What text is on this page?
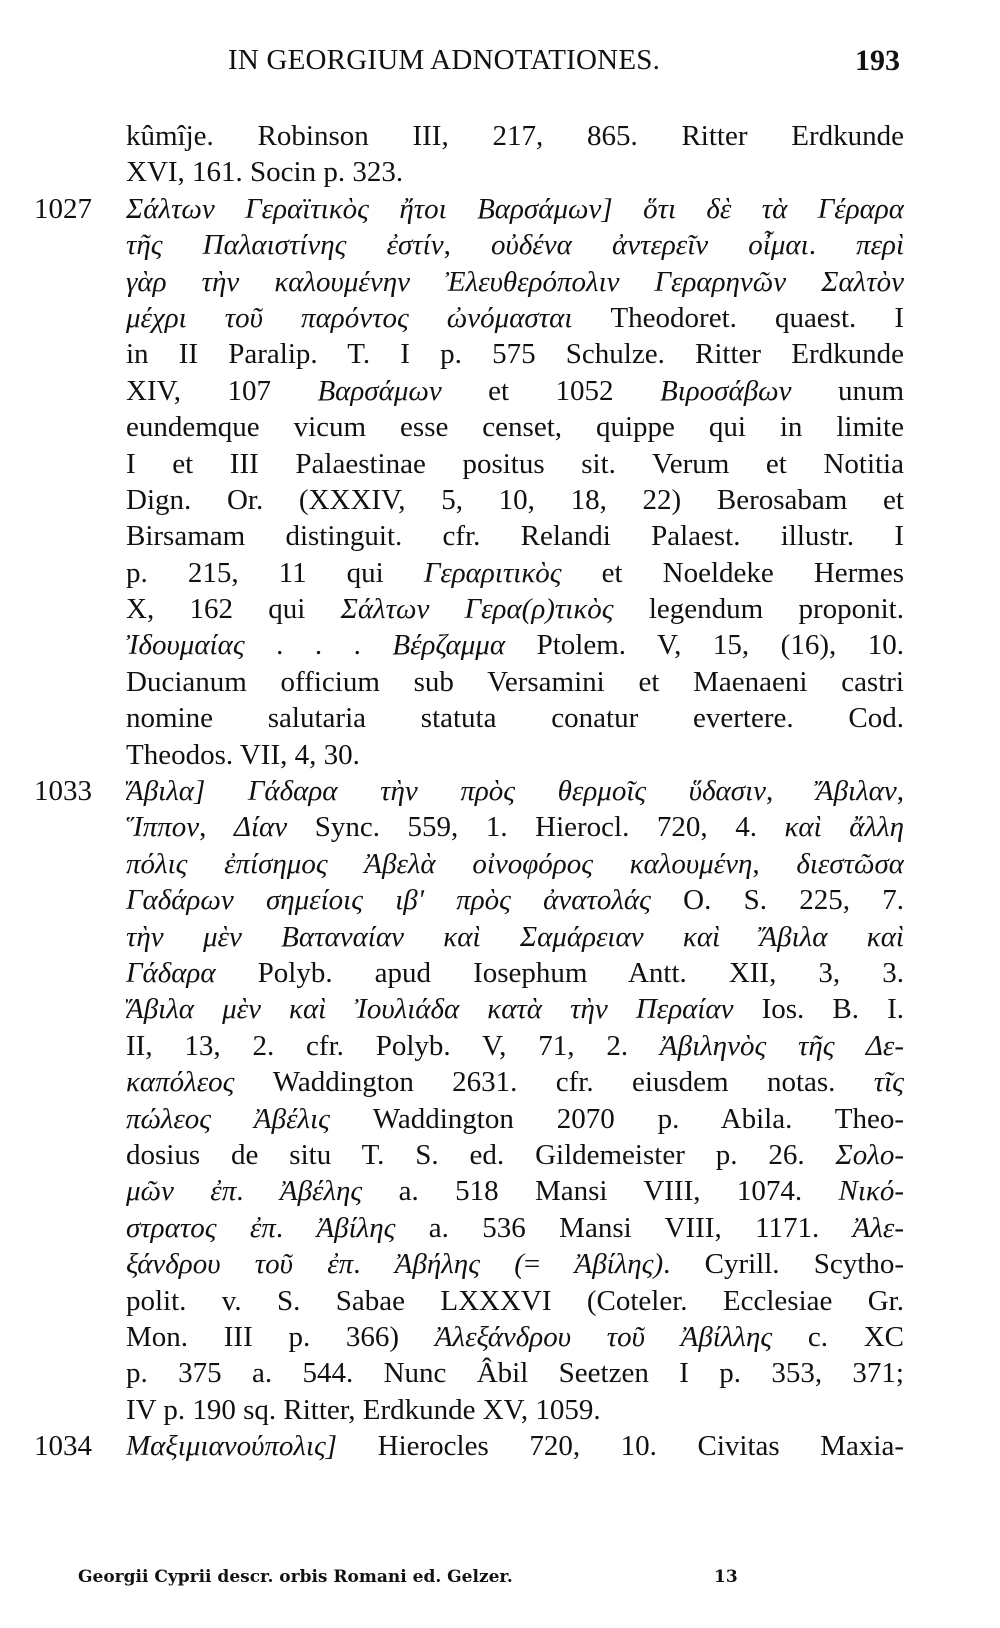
IN GEORGIUM ADNOTATIONES.	193
kûmîje. Robinson III, 217, 865. Ritter Erdkunde
XVI, 161. Socin p. 323.
1027 Σάλτων Γεραϊτικὸς ἤτοι Βαρσάμων] ὅτι δὲ τὰ Γέραρα
τῆς Παλαιστίνης ἐστίν, οὐδένα ἀντερεῖν οἶμαι. περὶ
γὰρ τὴν καλουμένην Ἐλευθερόπολιν Γεραρηνῶν Σαλτὸν
μέχρι τοῦ παρόντος ὠνόμασται Theodoret. quaest. I
in II Paralip. T. I p. 575 Schulze. Ritter Erdkunde
XIV, 107 Βαρσάμων et 1052 Βιροσάβων unum
eundemque vicum esse censet, quippe qui in limite
I et III Palaestinae positus sit. Verum et Notitia
Dign. Or. (XXXIV, 5, 10, 18, 22) Berosabam et
Birsamam distinguit. cfr. Relandi Palaest. illustr. I
p. 215, 11 qui Γεραριτικὸς et Noeldeke Hermes
X, 162 qui Σάλτων Γερα(ρ)τικὸς legendum proponit.
Ἰδουμαίας . . . Βέρζαμμα Ptolem. V, 15, (16), 10.
Ducianum officium sub Versamini et Maenaeni castri
nomine salutaria statuta conatur evertere. Cod.
Theodos. VII, 4, 30.
1033 Ἄβιλα] Γάδαρα τὴν πρὸς θερμοῖς ὕδασιν, Ἄβιλαν,
Ἵππον, Δίαν Sync. 559, 1. Hierocl. 720, 4. καὶ ἄλλη
πόλις ἐπίσημος Ἀβελὰ οἰνοφόρος καλουμένη, διεστῶσα
Γαδάρων σημείοις ιβʹ πρὸς ἀνατολάς O. S. 225, 7.
τὴν μὲν Βαταναίαν καὶ Σαμάρειαν καὶ Ἄβιλα καὶ
Γάδαρα Polyb. apud Iosephum Antt. XII, 3, 3.
Ἄβιλα μὲν καὶ Ἰουλιάδα κατὰ τὴν Περαίαν Ios. B. I.
II, 13, 2. cfr. Polyb. V, 71, 2. Ἀβιληνὸς τῆς Δε-
καπόλεος Waddington 2631. cfr. eiusdem notas. τῖς
πώλεος Ἀβέλις Waddington 2070 p. Abila. Theo-
dosius de situ T. S. ed. Gildemeister p. 26. Σολο-
μῶν ἐπ. Ἀβέλης a. 518 Mansi VIII, 1074. Νικό-
στρατος ἐπ. Ἀβίλης a. 536 Mansi VIII, 1171. Ἀλε-
ξάνδρου τοῦ ἐπ. Ἀβήλης (= Ἀβίλης). Cyrill. Scytho-
polit. v. S. Sabae LXXXVI (Coteler. Ecclesiae Gr.
Mon. III p. 366) Ἀλεξάνδρου τοῦ Ἀβίλλης c. XC
p. 375 a. 544. Nunc Âbil Seetzen I p. 353, 371;
IV p. 190 sq. Ritter, Erdkunde XV, 1059.
1034 Μαξιμιανούπολις] Hierocles 720, 10. Civitas Maxia-
Georgii Cyprii descr. orbis Romani ed. Gelzer.	13
